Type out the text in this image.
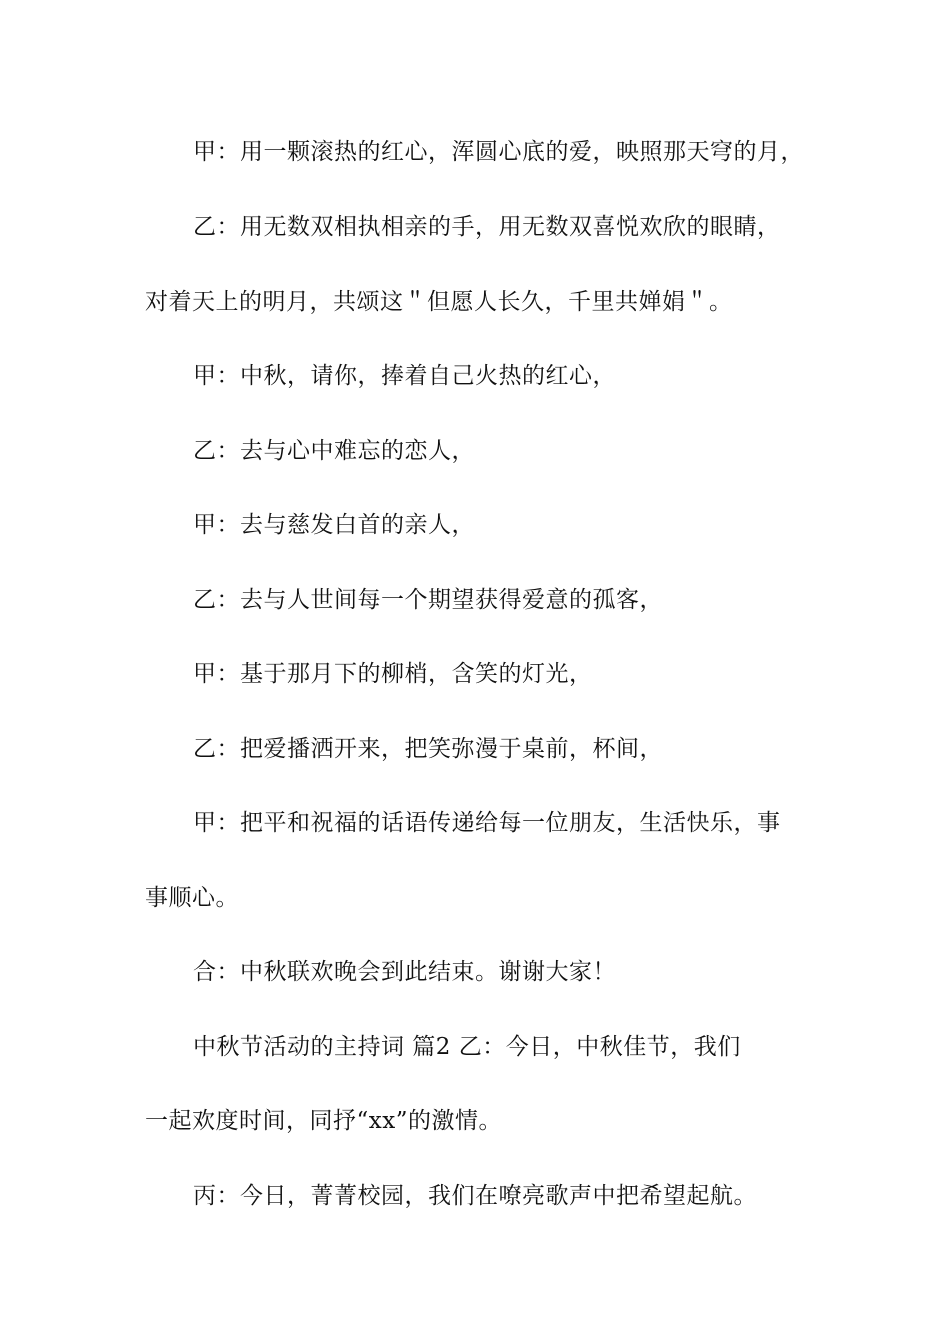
甲：用一颗滚热的红心，浑圆心底的爱，映照那天穹的月，
乙：用无数双相执相亲的手，用无数双喜悦欢欣的眼睛，
对着天上的明月，共颂这＂但愿人长久，千里共婵娟＂。
甲：中秋，请你，捧着自己火热的红心，
乙：去与心中难忘的恋人，
甲：去与慈发白首的亲人，
乙：去与人世间每一个期望获得爱意的孤客，
甲：基于那月下的柳梢，含笑的灯光，
乙：把爱播洒开来，把笑弥漫于桌前，杯间，
甲：把平和祝福的话语传递给每一位朋友，生活快乐，事
事顺心。
合：中秋联欢晚会到此结束。谢谢大家！
中秋节活动的主持词 篇2 乙：今日，中秋佳节，我们
一起欢度时间，同抒“xx”的激情。
丙：今日，菁菁校园，我们在嘹亮歌声中把希望起航。
